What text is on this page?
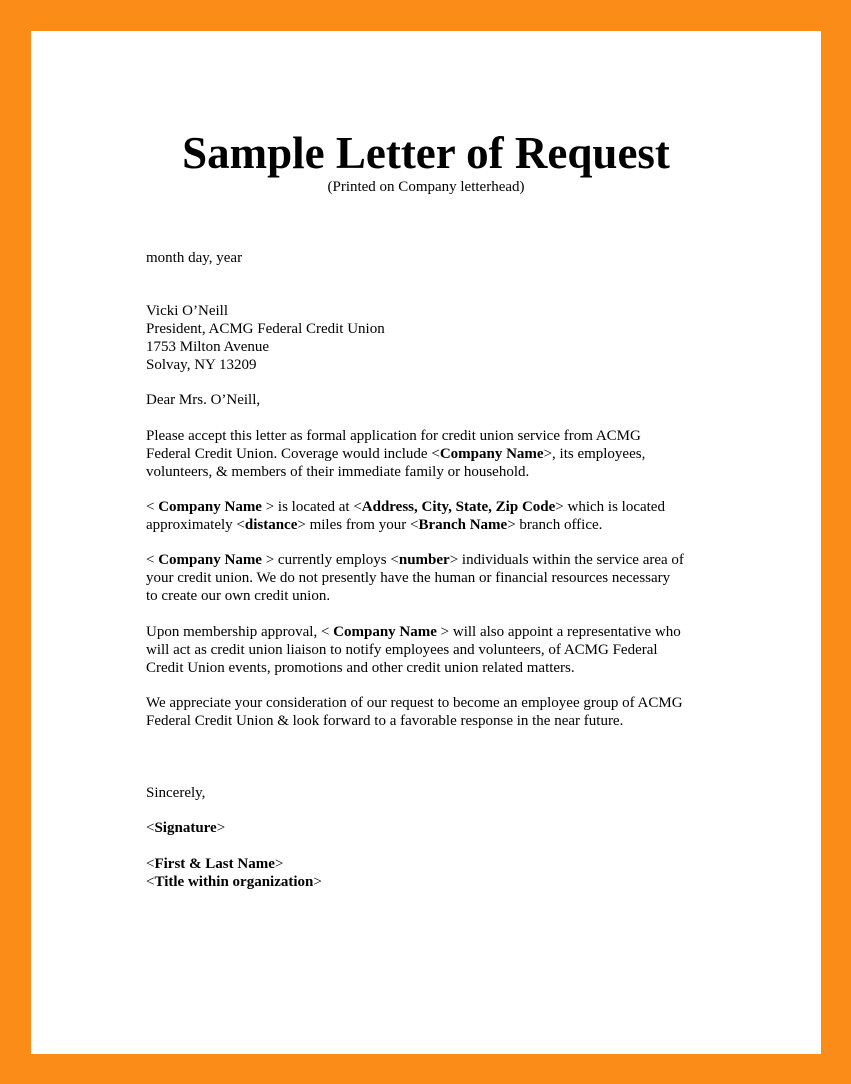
Sample Letter of Request
(Printed on Company letterhead)

month day, year

Vicki O’Neill
President, ACMG Federal Credit Union
1753 Milton Avenue
Solvay, NY 13209

Dear Mrs. O’Neill,

Please accept this letter as formal application for credit union service from ACMG
Federal Credit Union. Coverage would include <Company Name>, its employees,
volunteers, & members of their immediate family or household.
< Company Name > is located at <Address, City, State, Zip Code> which is located
approximately <distance> miles from your <Branch Name> branch office.
< Company Name > currently employs <number> individuals within the service area of
your credit union. We do not presently have the human or financial resources necessary
to create our own credit union.
Upon membership approval, < Company Name > will also appoint a representative who
will act as credit union liaison to notify employees and volunteers, of ACMG Federal
Credit Union events, promotions and other credit union related matters.
We appreciate your consideration of our request to become an employee group of ACMG
Federal Credit Union & look forward to a favorable response in the near future.

Sincerely,

<Signature>

<First & Last Name>
<Title within organization>
